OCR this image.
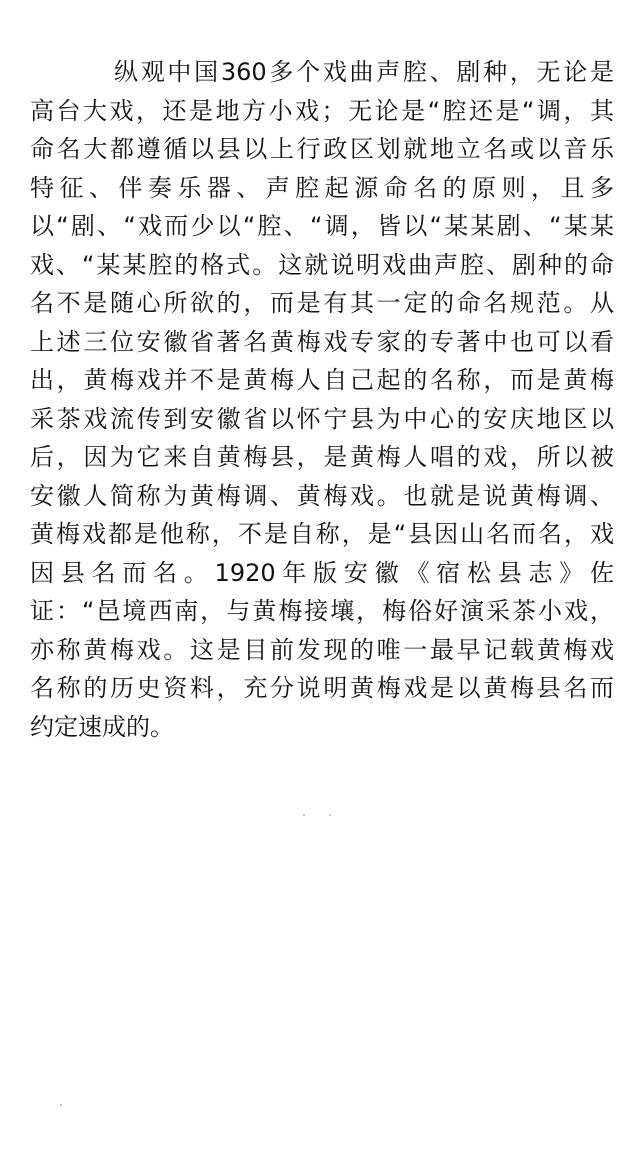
纵观中国360多个戏曲声腔、剧种，无论是
高台大戏，还是地方小戏；无论是“腔还是“调，其
命名大都遵循以县以上行政区划就地立名或以音乐
特征、伴奏乐器、声腔起源命名的原则，且多
以“剧、“戏而少以“腔、“调，皆以“某某剧、“某某
戏、“某某腔的格式。这就说明戏曲声腔、剧种的命
名不是随心所欲的，而是有其一定的命名规范。从
上述三位安徽省著名黄梅戏专家的专著中也可以看
出，黄梅戏并不是黄梅人自己起的名称，而是黄梅
采茶戏流传到安徽省以怀宁县为中心的安庆地区以
后，因为它来自黄梅县，是黄梅人唱的戏，所以被
安徽人简称为黄梅调、黄梅戏。也就是说黄梅调、
黄梅戏都是他称，不是自称，是“县因山名而名，戏
因县名而名。1920年版安徽《宿松县志》佐
证：“邑境西南，与黄梅接壤，梅俗好演采茶小戏，
亦称黄梅戏。这是目前发现的唯一最早记载黄梅戏
名称的历史资料，充分说明黄梅戏是以黄梅县名而
约定速成的。
